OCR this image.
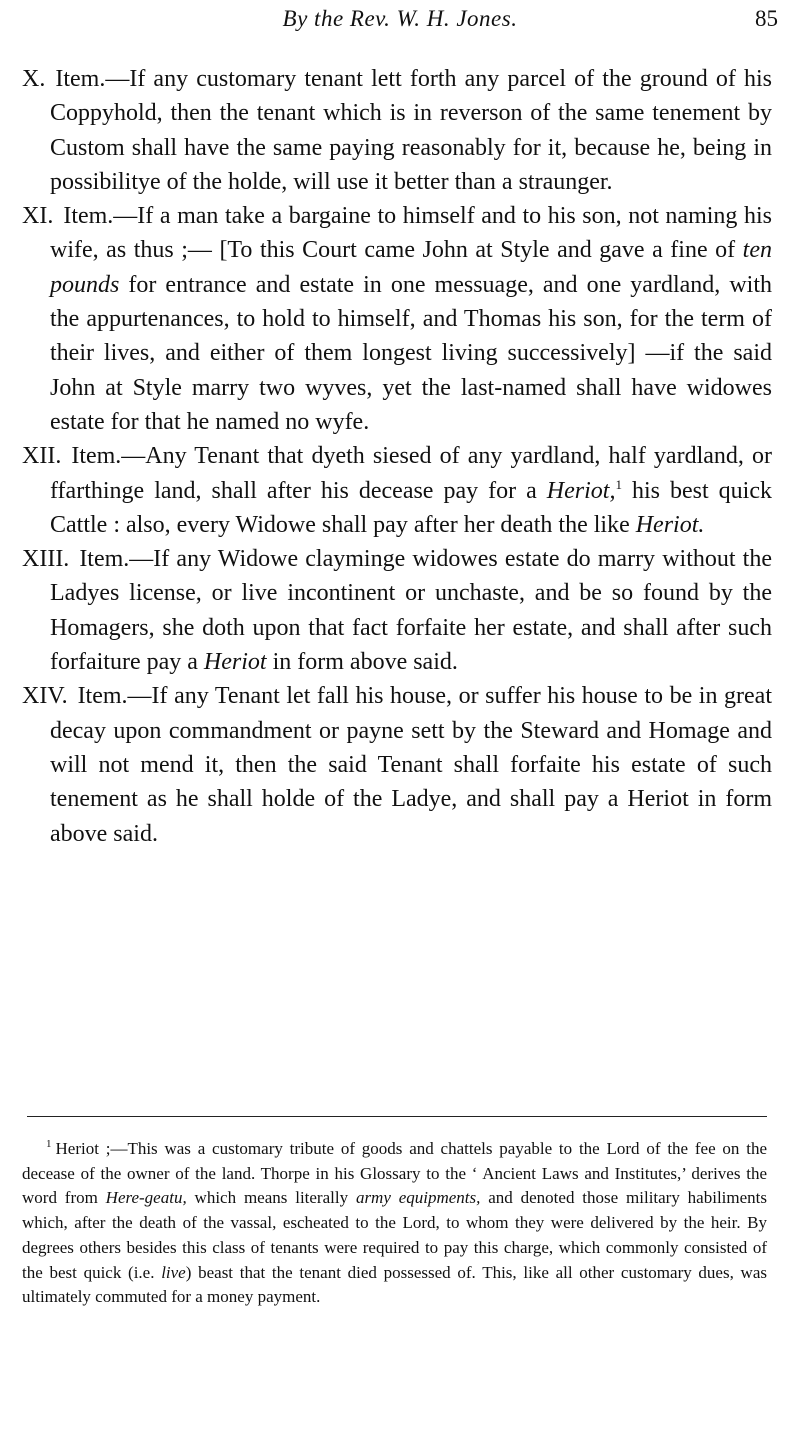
By the Rev. W. H. Jones.	85

X. Item.—If any customary tenant lett forth any parcel of the ground of his Coppyhold, then the tenant which is in reverson of the same tenement by Custom shall have the same paying reasonably for it, because he, being in possibilitye of the holde, will use it better than a straunger.

XI. Item.—If a man take a bargaine to himself and to his son, not naming his wife, as thus ;— [To this Court came John at Style and gave a fine of ten pounds for entrance and estate in one messuage, and one yardland, with the appurtenances, to hold to himself, and Thomas his son, for the term of their lives, and either of them longest living successively] —if the said John at Style marry two wyves, yet the last-named shall have widowes estate for that he named no wyfe.

XII. Item.—Any Tenant that dyeth siesed of any yardland, half yardland, or ffarthinge land, shall after his decease pay for a Heriot,$^1$ his best quick Cattle : also, every Widowe shall pay after her death the like Heriot.

XIII. Item.—If any Widowe clayminge widowes estate do marry without the Ladyes license, or live incontinent or unchaste, and be so found by the Homagers, she doth upon that fact forfaite her estate, and shall after such forfaiture pay a Heriot in form above said.

XIV. Item.—If any Tenant let fall his house, or suffer his house to be in great decay upon commandment or payne sett by the Steward and Homage and will not mend it, then the said Tenant shall forfaite his estate of such tenement as he shall holde of the Ladye, and shall pay a Heriot in form above said.

$^1$ Heriot ;—This was a customary tribute of goods and chattels payable to the Lord of the fee on the decease of the owner of the land. Thorpe in his Glossary to the ‘ Ancient Laws and Institutes,’ derives the word from Here-geatu, which means literally army equipments, and denoted those military habiliments which, after the death of the vassal, escheated to the Lord, to whom they were delivered by the heir. By degrees others besides this class of tenants were required to pay this charge, which commonly consisted of the best quick (i.e. live) beast that the tenant died possessed of. This, like all other customary dues, was ultimately commuted for a money payment.
